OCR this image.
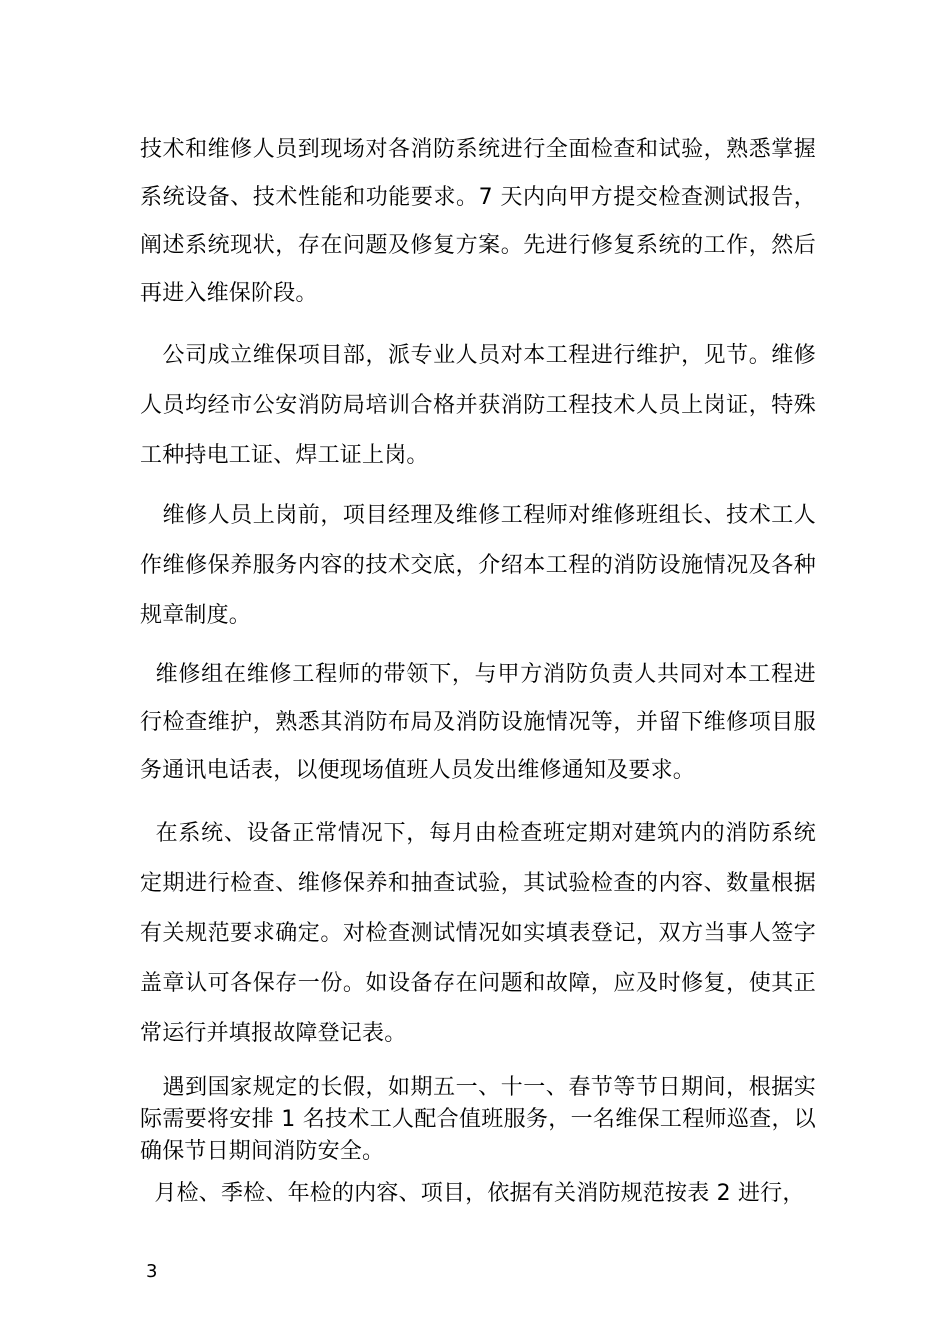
技术和维修人员到现场对各消防系统进行全面检查和试验，熟悉掌握系统设备、技术性能和功能要求。7 天内向甲方提交检查测试报告，阐述系统现状，存在问题及修复方案。先进行修复系统的工作，然后再进入维保阶段。

　公司成立维保项目部，派专业人员对本工程进行维护，见节。维修人员均经市公安消防局培训合格并获消防工程技术人员上岗证，特殊工种持电工证、焊工证上岗。

　维修人员上岗前，项目经理及维修工程师对维修班组长、技术工人作维修保养服务内容的技术交底，介绍本工程的消防设施情况及各种规章制度。

维修组在维修工程师的带领下，与甲方消防负责人共同对本工程进行检查维护，熟悉其消防布局及消防设施情况等，并留下维修项目服务通讯电话表，以便现场值班人员发出维修通知及要求。

在系统、设备正常情况下，每月由检查班定期对建筑内的消防系统定期进行检查、维修保养和抽查试验，其试验检查的内容、数量根据有关规范要求确定。对检查测试情况如实填表登记，双方当事人签字盖章认可各保存一份。如设备存在问题和故障，应及时修复，使其正常运行并填报故障登记表。

　遇到国家规定的长假，如期五一、十一、春节等节日期间，根据实际需要将安排 1 名技术工人配合值班服务，一名维保工程师巡查，以确保节日期间消防安全。

月检、季检、年检的内容、项目，依据有关消防规范按表 2 进行，

3
